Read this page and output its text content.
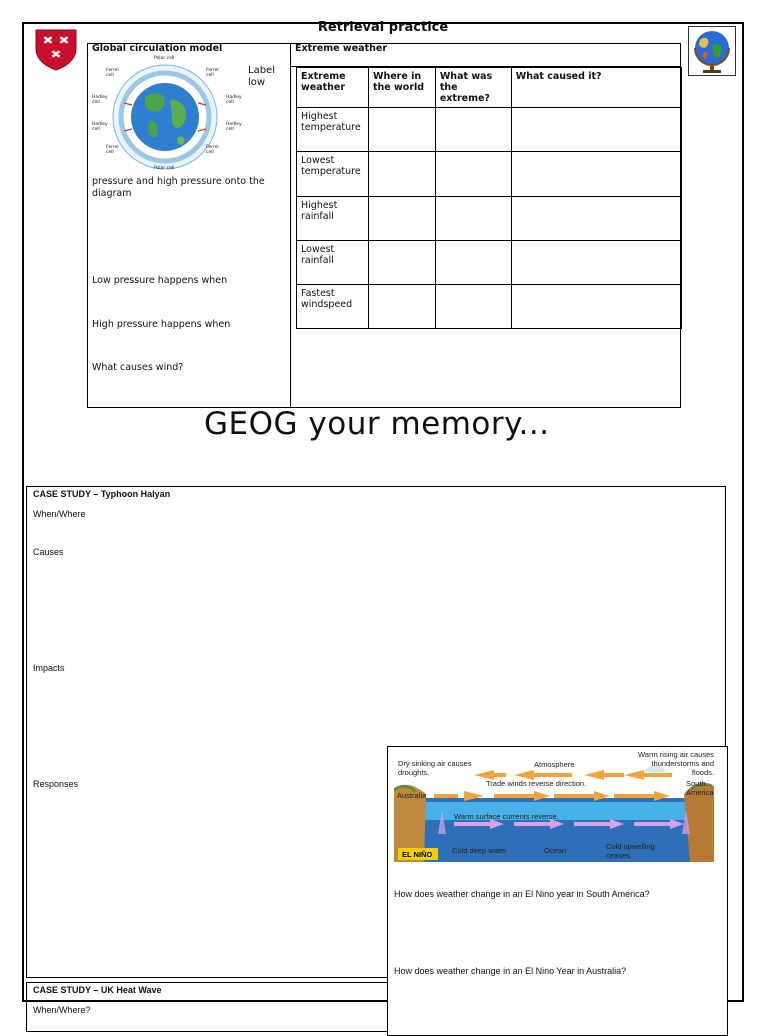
Retrieval practice
Global circulation model
Polar cell
Polar cell
Ferrel cell
Ferrel cell
Hadley cell
Hadley cell
Hadley cell
Hadley cell
Ferrel cell
Ferrel cell
Label low
pressure and high pressure onto the diagram
Low pressure happens when
High pressure happens when
What causes wind?
Extreme weather
Extreme weather	Where in the world	What was the extreme?	What caused it?
Highest temperature			
Lowest temperature			
Highest rainfall			
Lowest rainfall			
Fastest windspeed			
GEOG your memory...
CASE STUDY – Typhoon Halyan
When/Where
Causes
Impacts
Responses
CASE STUDY – UK Heat Wave
When/Where?
Dry sinking air causes droughts.
Atmosphere
Warm rising air causes thunderstorms and floods.
Australia
Trade winds reverse direction.	South America
Warm surface currents reverse.
Cold deep water	Ocean	Cold upwelling ceases.
EL NIÑO
How does weather change in an El Nino year in South America?
How does weather change in an El Nino Year in Australia?
